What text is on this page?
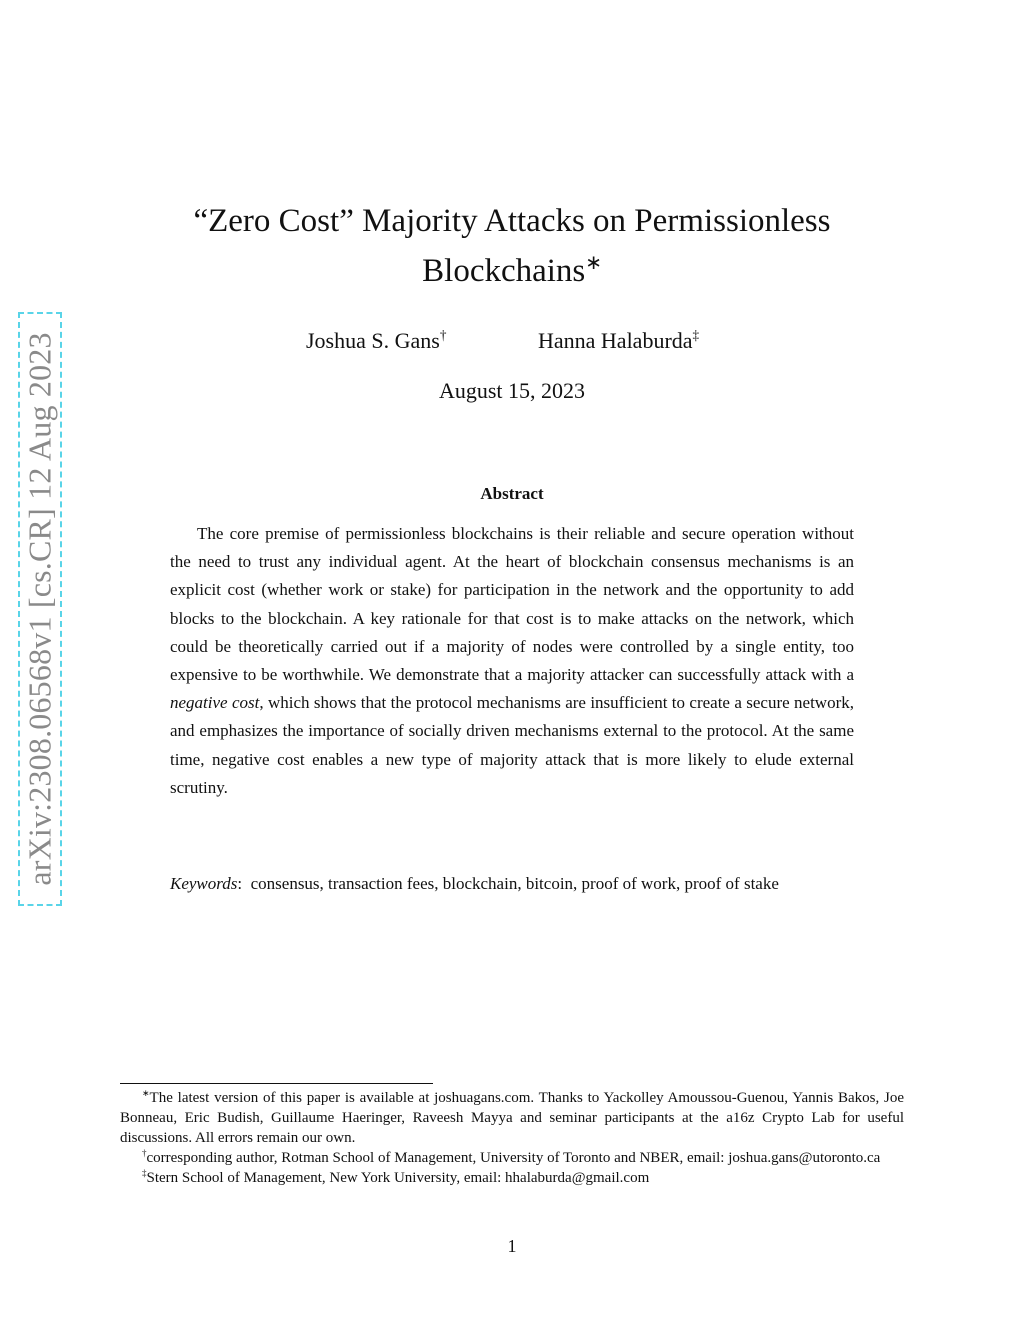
arXiv:2308.06568v1 [cs.CR] 12 Aug 2023
“Zero Cost” Majority Attacks on Permissionless
Blockchains∗
Joshua S. Gans†	Hanna Halaburda‡
August 15, 2023
Abstract
The core premise of permissionless blockchains is their reliable and secure operation without the need to trust any individual agent. At the heart of blockchain consensus mechanisms is an explicit cost (whether work or stake) for participation in the network and the opportunity to add blocks to the blockchain. A key rationale for that cost is to make attacks on the network, which could be theoretically carried out if a majority of nodes were controlled by a single entity, too expensive to be worthwhile. We demonstrate that a majority attacker can successfully attack with a negative cost, which shows that the protocol mechanisms are insufficient to create a secure network, and emphasizes the importance of socially driven mechanisms external to the protocol. At the same time, negative cost enables a new type of majority attack that is more likely to elude external scrutiny.
Keywords:  consensus, transaction fees, blockchain, bitcoin, proof of work, proof of stake

∗The latest version of this paper is available at joshuagans.com. Thanks to Yackolley Amoussou-Guenou, Yannis Bakos, Joe Bonneau, Eric Budish, Guillaume Haeringer, Raveesh Mayya and seminar participants at the a16z Crypto Lab for useful discussions. All errors remain our own.

†corresponding author, Rotman School of Management, University of Toronto and NBER, email: joshua.gans@utoronto.ca

‡Stern School of Management, New York University, email: hhalaburda@gmail.com

1
